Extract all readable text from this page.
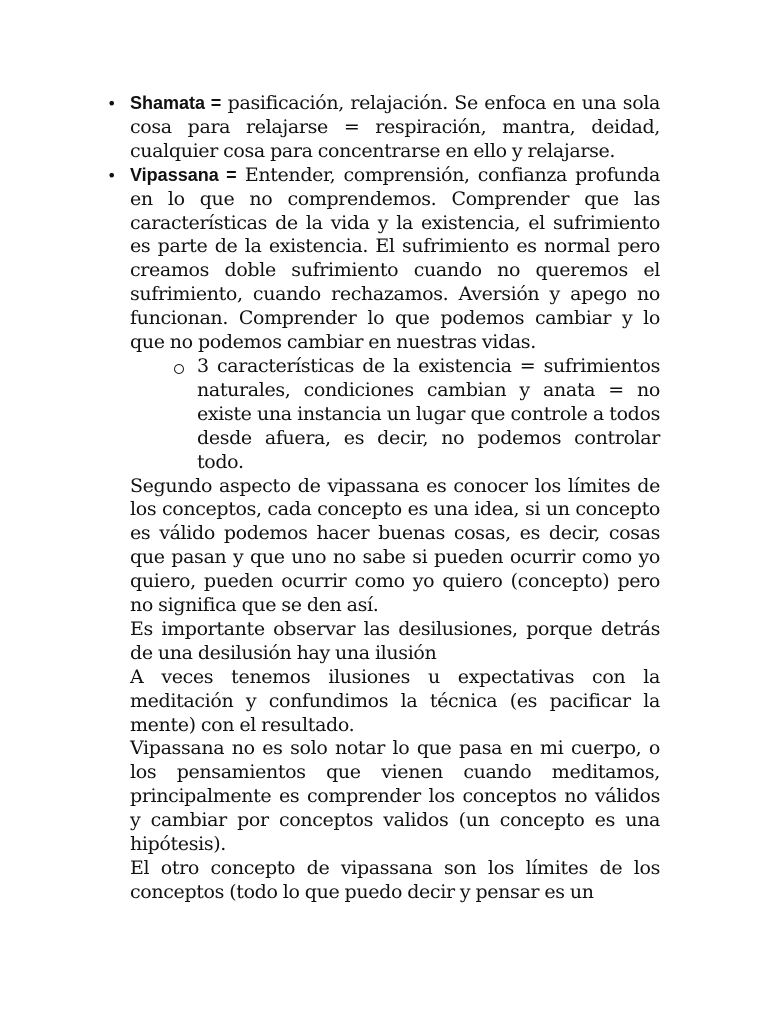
• Shamata = pasificación, relajación. Se enfoca en una sola cosa para relajarse = respiración, mantra, deidad, cualquier cosa para concentrarse en ello y relajarse.
• Vipassana = Entender, comprensión, confianza profunda en lo que no comprendemos. Comprender que las características de la vida y la existencia, el sufrimiento es parte de la existencia. El sufrimiento es normal pero creamos doble sufrimiento cuando no queremos el sufrimiento, cuando rechazamos. Aversión y apego no funcionan. Comprender lo que podemos cambiar y lo que no podemos cambiar en nuestras vidas.
3 características de la existencia = sufrimientos naturales, condiciones cambian y anata = no existe una instancia un lugar que controle a todos desde afuera, es decir, no podemos controlar todo.

Segundo aspecto de vipassana es conocer los límites de los conceptos, cada concepto es una idea, si un concepto es válido podemos hacer buenas cosas, es decir, cosas que pasan y que uno no sabe si pueden ocurrir como yo quiero, pueden ocurrir como yo quiero (concepto) pero no significa que se den así.

Es importante observar las desilusiones, porque detrás de una desilusión hay una ilusión

A veces tenemos ilusiones u expectativas con la meditación y confundimos la técnica (es pacificar la mente) con el resultado.

Vipassana no es solo notar lo que pasa en mi cuerpo, o los pensamientos que vienen cuando meditamos, principalmente es comprender los conceptos no válidos y cambiar por conceptos validos (un concepto es una hipótesis).

El otro concepto de vipassana son los límites de los conceptos (todo lo que puedo decir y pensar es un
